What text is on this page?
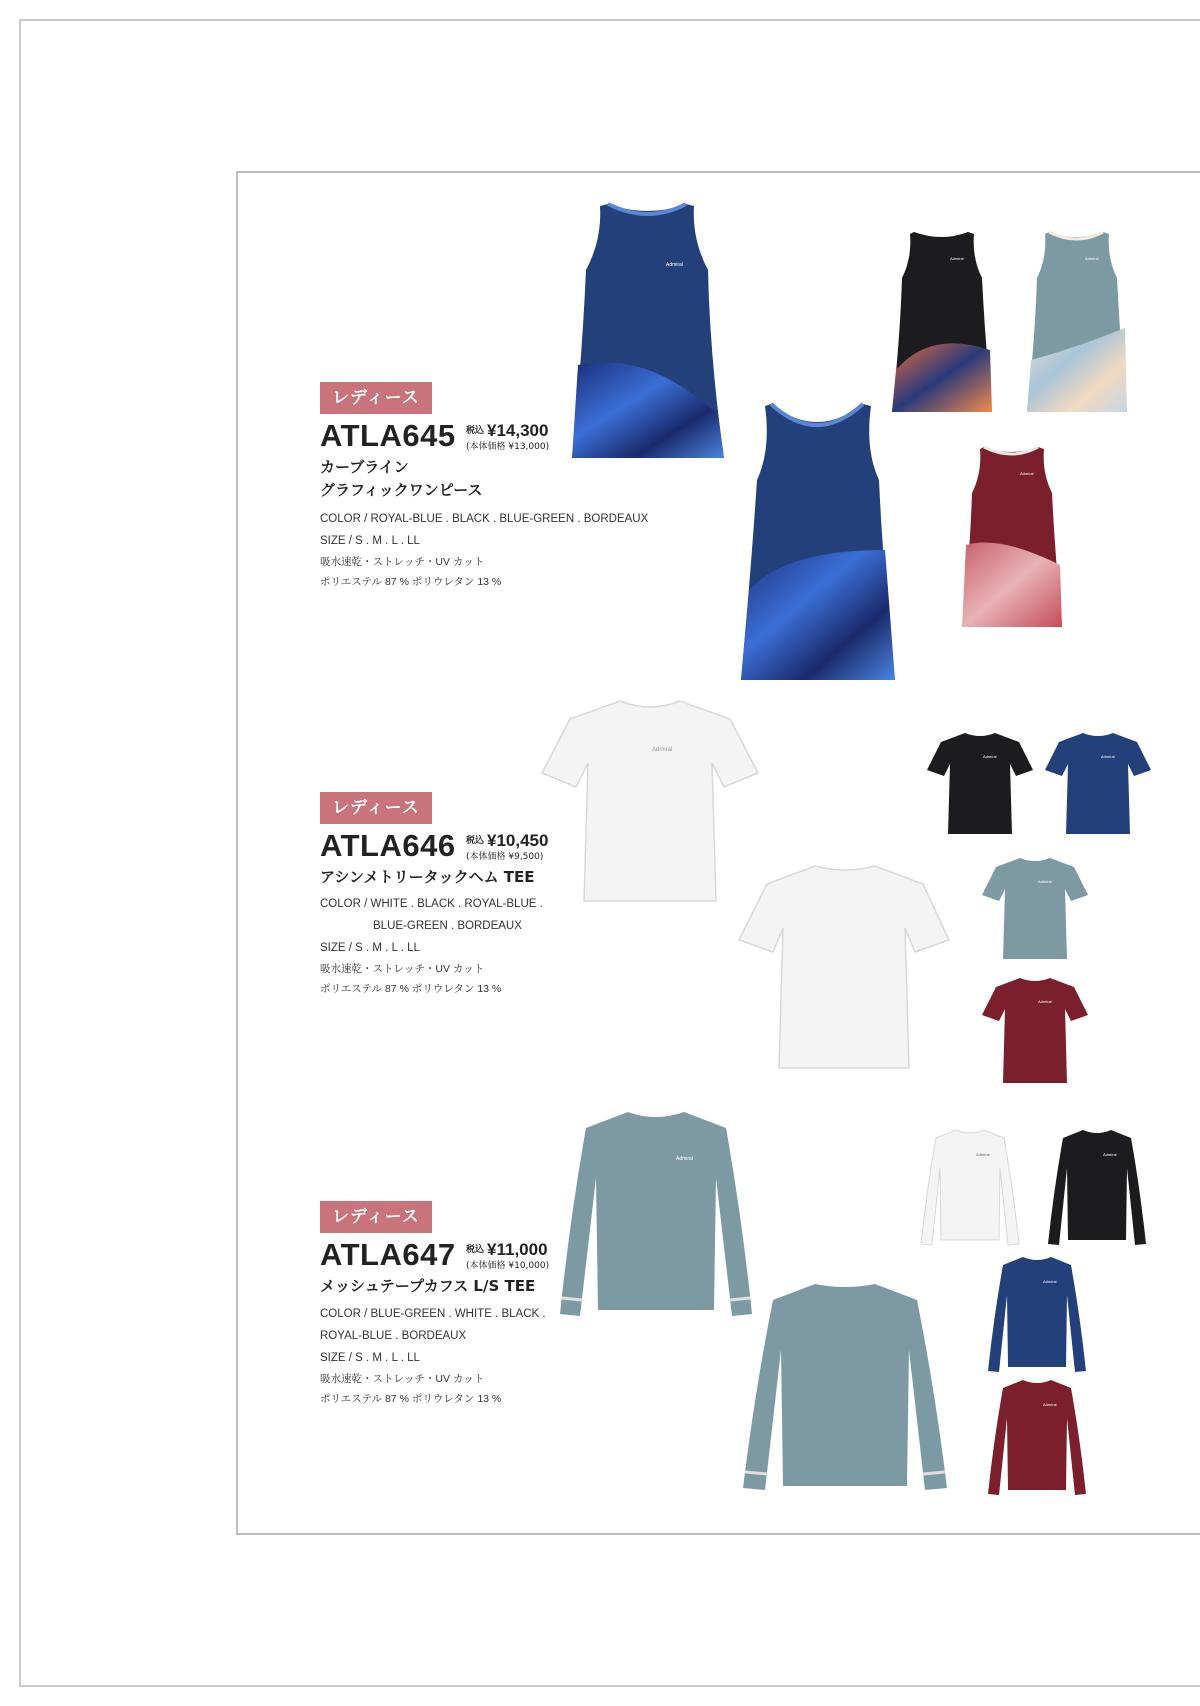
レディース
ATLA645 税込 ¥14,300
(本体価格 ¥13,000)
カーブライン
グラフィックワンピース
COLOR / ROYAL-BLUE . BLACK . BLUE-GREEN . BORDEAUX
SIZE / S . M . L . LL
吸水速乾・ストレッチ・UV カット
ポリエステル 87 % ポリウレタン 13 %
Admiral
Admiral	Admiral
Admiral
レディース
ATLA646 税込 ¥10,450
(本体価格 ¥9,500)
アシンメトリータックヘム TEE
COLOR / WHITE . BLACK . ROYAL-BLUE .
BLUE-GREEN . BORDEAUX
SIZE / S . M . L . LL
吸水速乾・ストレッチ・UV カット
ポリエステル 87 % ポリウレタン 13 %
Admiral
Admiral	Admiral
Admiral
Admiral
レディース
ATLA647 税込 ¥11,000
(本体価格 ¥10,000)
メッシュテープカフス L/S TEE
COLOR / BLUE-GREEN . WHITE . BLACK .
ROYAL-BLUE . BORDEAUX
SIZE / S . M . L . LL
吸水速乾・ストレッチ・UV カット
ポリエステル 87 % ポリウレタン 13 %
Admiral
Admiral	Admiral
Admiral
Admiral
